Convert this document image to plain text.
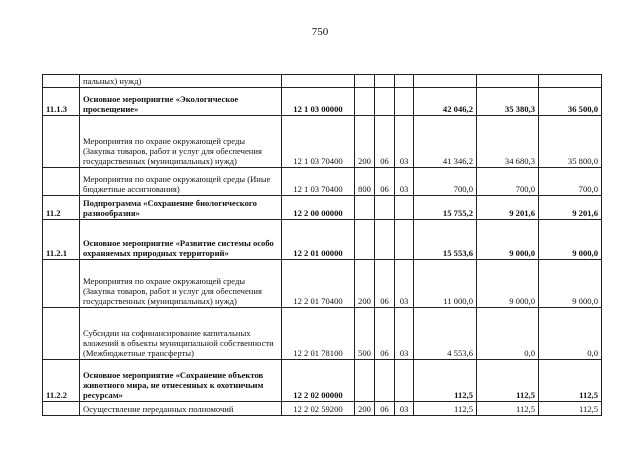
750
	пальных) нужд)							
11.1.3	Основное мероприятие «Экологическое просвещение»	12 1 03 00000				42 046,2	35 380,3	36 500,0
	Мероприятия по охране окружающей среды (Закупка товаров, работ и услуг для обеспечения государственных (муниципальных) нужд)	12 1 03 70400	200	06	03	41 346,2	34 680,3	35 800,0
	Мероприятия по охране окружающей среды (Иные бюджетные ассигнования)	12 1 03 70400	800	06	03	700,0	700,0	700,0
11.2	Подпрограмма «Сохранение биологического разнообразия»	12 2 00 00000				15 755,2	9 201,6	9 201,6
11.2.1	Основное мероприятие «Развитие системы особо охраняемых природных территорий»	12 2 01 00000				15 553,6	9 000,0	9 000,0
	Мероприятия по охране окружающей среды (Закупка товаров, работ и услуг для обеспечения государственных (муниципальных) нужд)	12 2 01 70400	200	06	03	11 000,0	9 000,0	9 000,0
	Субсидии на софинансирование капитальных вложений в объекты муниципальной собственности (Межбюджетные трансферты)	12 2 01 78100	500	06	03	4 553,6	0,0	0,0
11.2.2	Основное мероприятие «Сохранение объектов животного мира, не отнесенных к охотничьим ресурсам»	12 2 02 00000				112,5	112,5	112,5
	Осуществление переданных полномочий	12 2 02 59200	200	06	03	112,5	112,5	112,5
